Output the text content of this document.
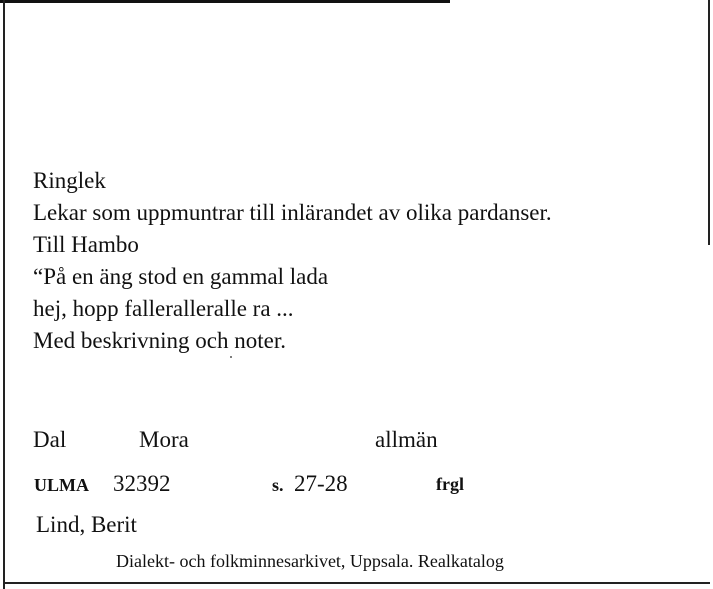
Ringlek
Lekar som uppmuntrar till inlärandet av olika pardanser.
Till Hambo
“På en äng stod en gammal lada
hej, hopp falleralleralle ra ...
Med beskrivning och noter.
Dal	Mora	allmän
ULMA 32392	s. 27-28	frgl
Lind, Berit
Dialekt- och folkminnesarkivet, Uppsala. Realkatalog
